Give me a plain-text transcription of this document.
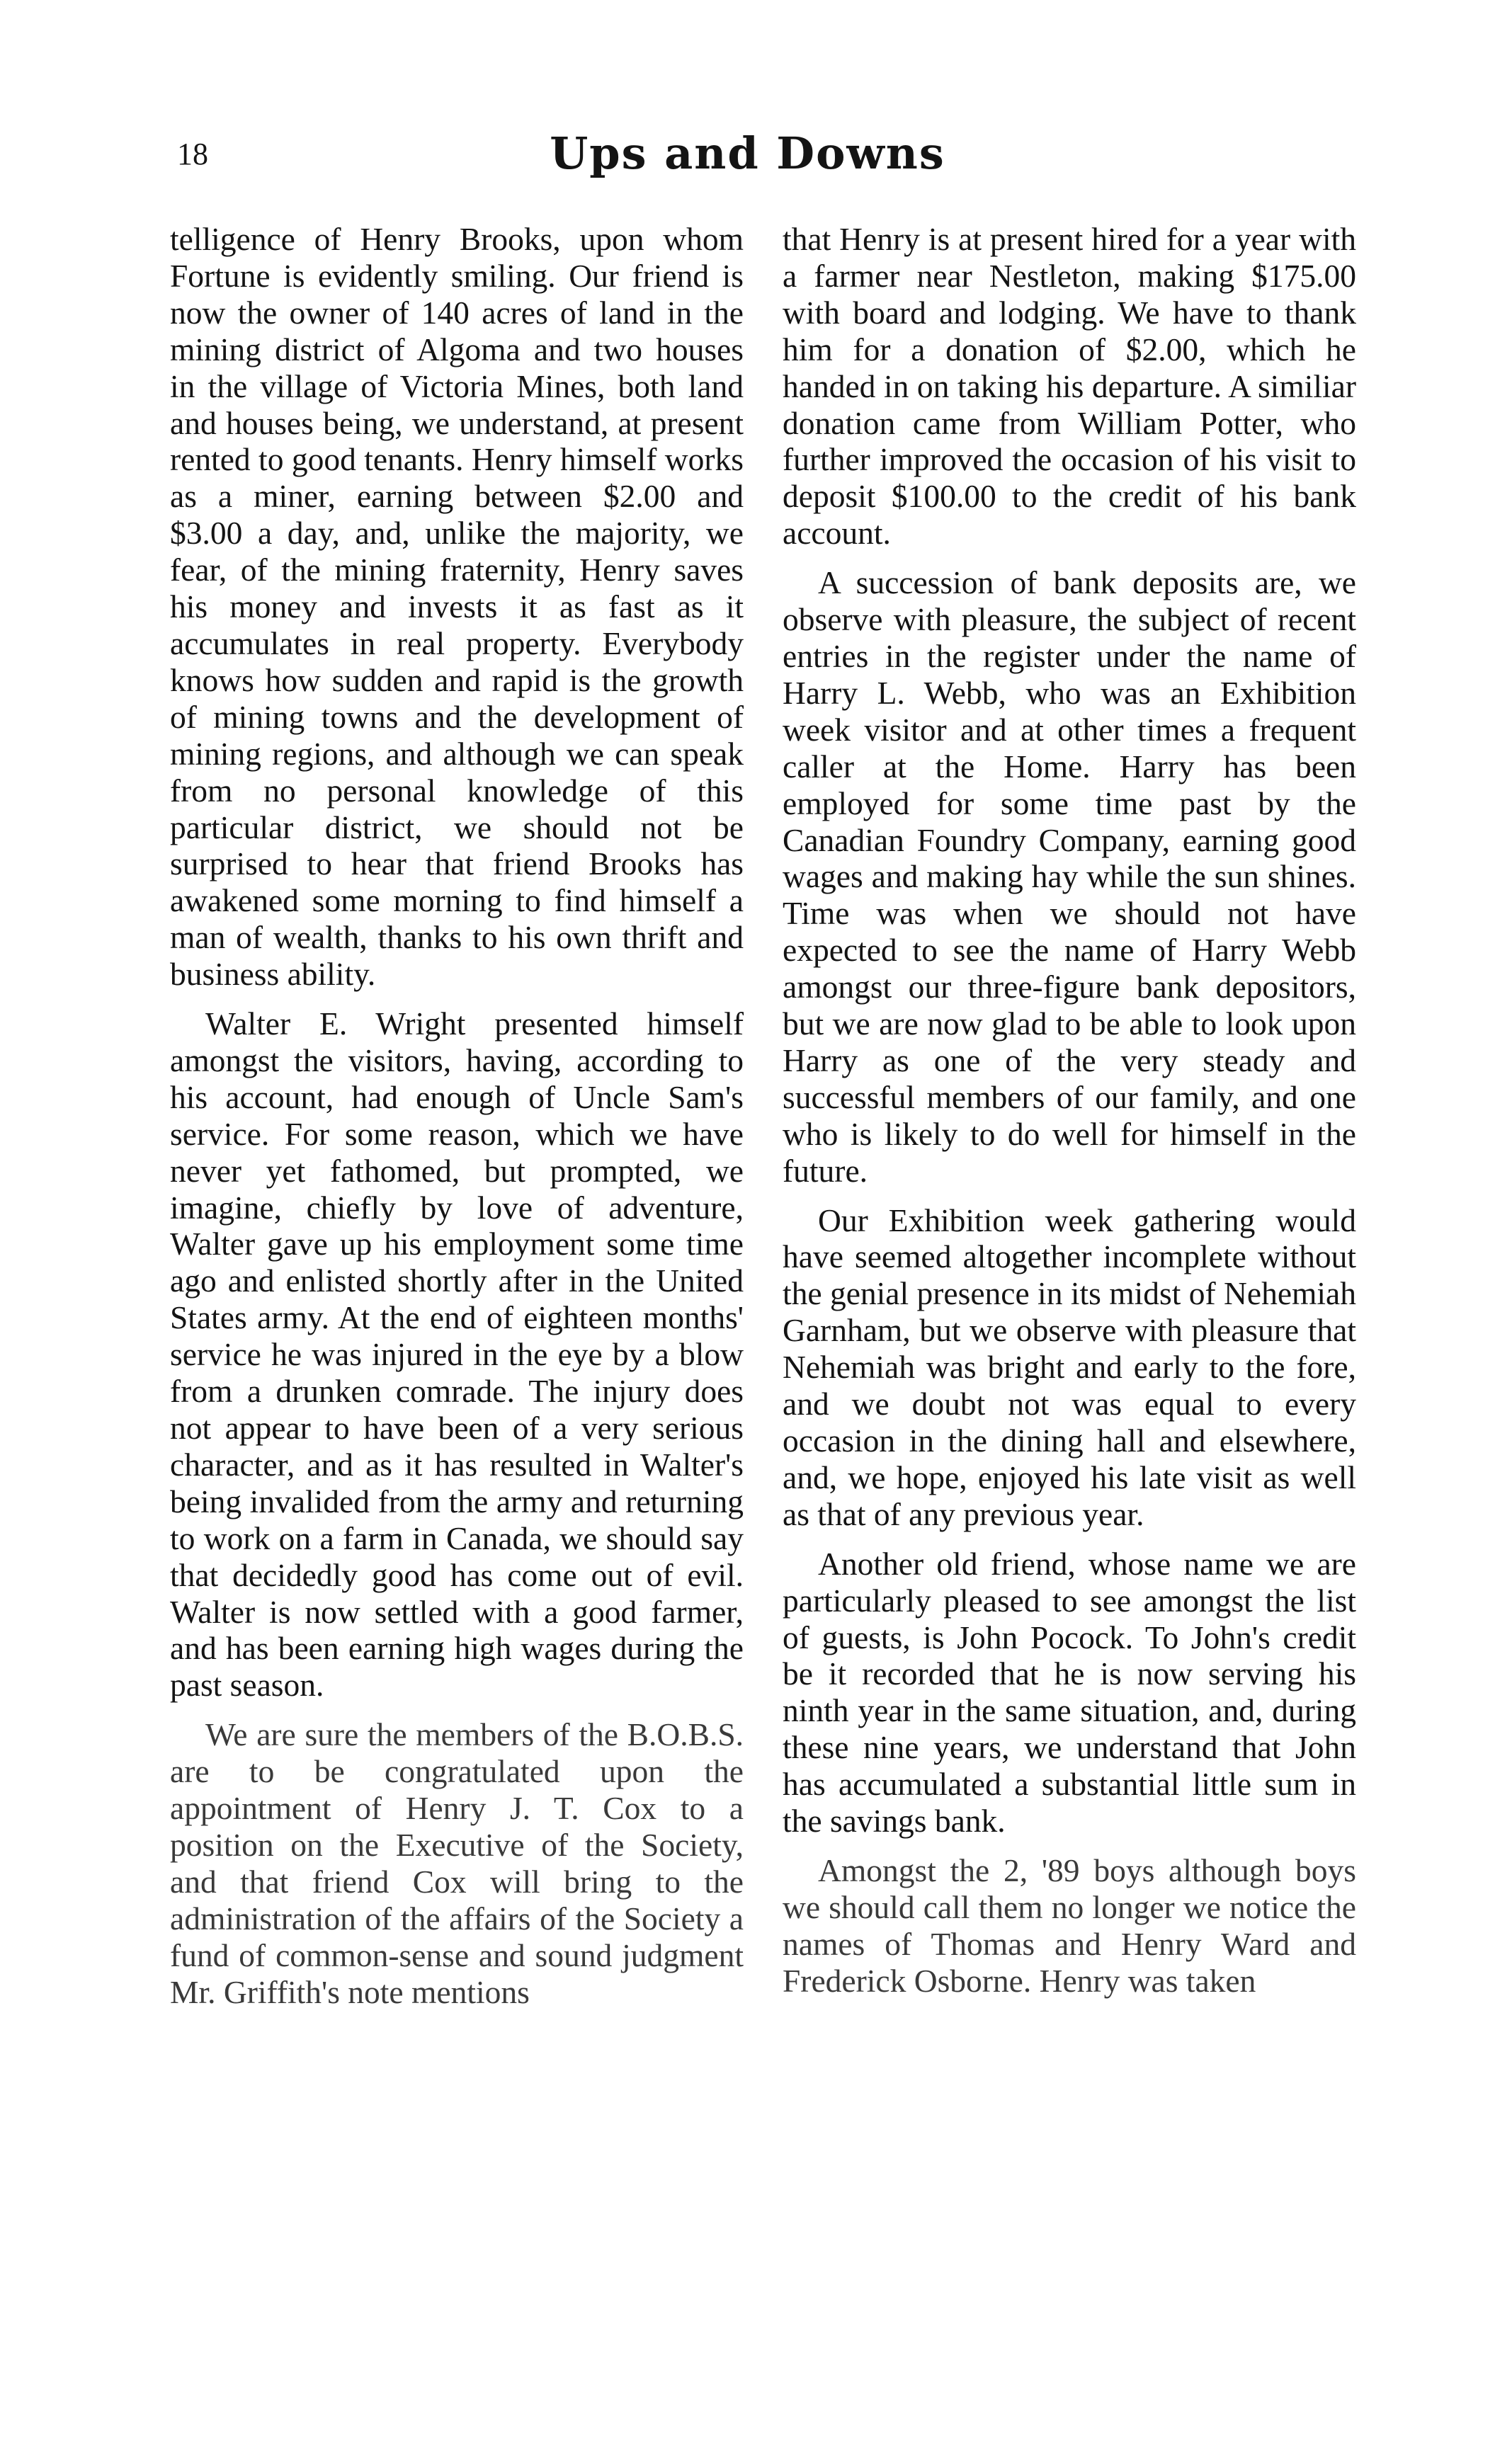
18	Ups and Downs

telligence of Henry Brooks, upon whom Fortune is evidently smiling. Our friend is now the owner of 140 acres of land in the mining district of Algoma and two houses in the village of Victoria Mines, both land and houses being, we understand, at present rented to good tenants. Henry himself works as a miner, earning between $2.00 and $3.00 a day, and, unlike the majority, we fear, of the mining fraternity, Henry saves his money and invests it as fast as it accumulates in real property. Everybody knows how sudden and rapid is the growth of mining towns and the development of mining regions, and although we can speak from no personal knowledge of this particular district, we should not be surprised to hear that friend Brooks has awakened some morning to find himself a man of wealth, thanks to his own thrift and business ability.

Walter E. Wright presented himself amongst the visitors, having, according to his account, had enough of Uncle Sam's service. For some reason, which we have never yet fathomed, but prompted, we imagine, chiefly by love of adventure, Walter gave up his employment some time ago and enlisted shortly after in the United States army. At the end of eighteen months' service he was injured in the eye by a blow from a drunken comrade. The injury does not appear to have been of a very serious character, and as it has resulted in Walter's being invalided from the army and returning to work on a farm in Canada, we should say that decidedly good has come out of evil. Walter is now settled with a good farmer, and has been earning high wages during the past season.

We are sure the members of the B.O.B.S. are to be congratulated upon the appointment of Henry J. T. Cox to a position on the Executive of the Society, and that friend Cox will bring to the administration of the affairs of the Society a fund of common-sense and sound judgment Mr. Griffith's note mentions

that Henry is at present hired for a year with a farmer near Nestleton, making $175.00 with board and lodging. We have to thank him for a donation of $2.00, which he handed in on taking his departure. A similiar donation came from William Potter, who further improved the occasion of his visit to deposit $100.00 to the credit of his bank account.

A succession of bank deposits are, we observe with pleasure, the subject of recent entries in the register under the name of Harry L. Webb, who was an Exhibition week visitor and at other times a frequent caller at the Home. Harry has been employed for some time past by the Canadian Foundry Company, earning good wages and making hay while the sun shines. Time was when we should not have expected to see the name of Harry Webb amongst our three-figure bank depositors, but we are now glad to be able to look upon Harry as one of the very steady and successful members of our family, and one who is likely to do well for himself in the future.

Our Exhibition week gathering would have seemed altogether incomplete without the genial presence in its midst of Nehemiah Garnham, but we observe with pleasure that Nehemiah was bright and early to the fore, and we doubt not was equal to every occasion in the dining hall and elsewhere, and, we hope, enjoyed his late visit as well as that of any previous year.

Another old friend, whose name we are particularly pleased to see amongst the list of guests, is John Pocock. To John's credit be it recorded that he is now serving his ninth year in the same situation, and, during these nine years, we understand that John has accumulated a substantial little sum in the savings bank.

Amongst the 2, '89 boys although boys we should call them no longer we notice the names of Thomas and Henry Ward and Frederick Osborne. Henry was taken
